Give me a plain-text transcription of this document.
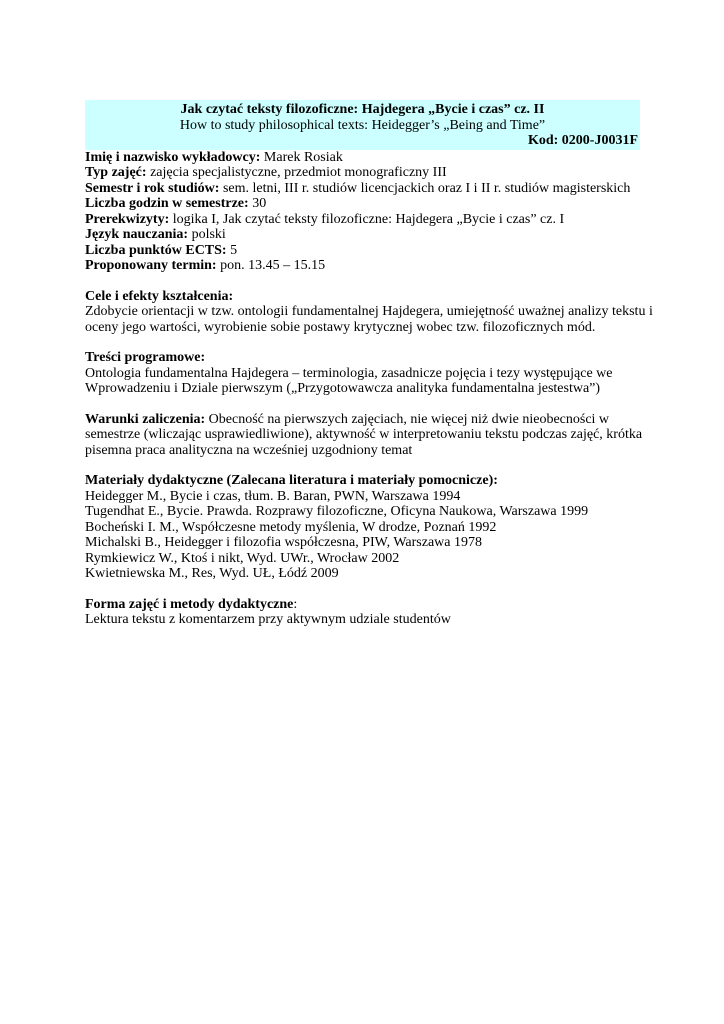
Jak czytać teksty filozoficzne: Hajdegera „Bycie i czas” cz. II
How to study philosophical texts: Heidegger’s „Being and Time”
Kod: 0200-J0031F
Imię i nazwisko wykładowcy: Marek Rosiak
Typ zajęć: zajęcia specjalistyczne, przedmiot monograficzny III
Semestr i rok studiów: sem. letni, III r. studiów licencjackich oraz I i II r. studiów magisterskich
Liczba godzin w semestrze: 30
Prerekwizyty: logika I, Jak czytać teksty filozoficzne: Hajdegera „Bycie i czas” cz. I
Język nauczania: polski
Liczba punktów ECTS: 5
Proponowany termin: pon. 13.45 – 15.15
Cele i efekty kształcenia:
Zdobycie orientacji w tzw. ontologii fundamentalnej Hajdegera, umiejętność uważnej analizy tekstu i
oceny jego wartości, wyrobienie sobie postawy krytycznej wobec tzw. filozoficznych mód.
Treści programowe:
Ontologia fundamentalna Hajdegera – terminologia, zasadnicze pojęcia i tezy występujące we
Wprowadzeniu i Dziale pierwszym („Przygotowawcza analityka fundamentalna jestestwa”)
Warunki zaliczenia: Obecność na pierwszych zajęciach, nie więcej niż dwie nieobecności w
semestrze (wliczając usprawiedliwione), aktywność w interpretowaniu tekstu podczas zajęć, krótka
pisemna praca analityczna na wcześniej uzgodniony temat
Materiały dydaktyczne (Zalecana literatura i materiały pomocnicze):
Heidegger M., Bycie i czas, tłum. B. Baran, PWN, Warszawa 1994
Tugendhat E., Bycie. Prawda. Rozprawy filozoficzne, Oficyna Naukowa, Warszawa 1999
Bocheński I. M., Współczesne metody myślenia, W drodze, Poznań 1992
Michalski B., Heidegger i filozofia współczesna, PIW, Warszawa 1978
Rymkiewicz W., Ktoś i nikt, Wyd. UWr., Wrocław 2002
Kwietniewska M., Res, Wyd. UŁ, Łódź 2009
Forma zajęć i metody dydaktyczne:
Lektura tekstu z komentarzem przy aktywnym udziale studentów
